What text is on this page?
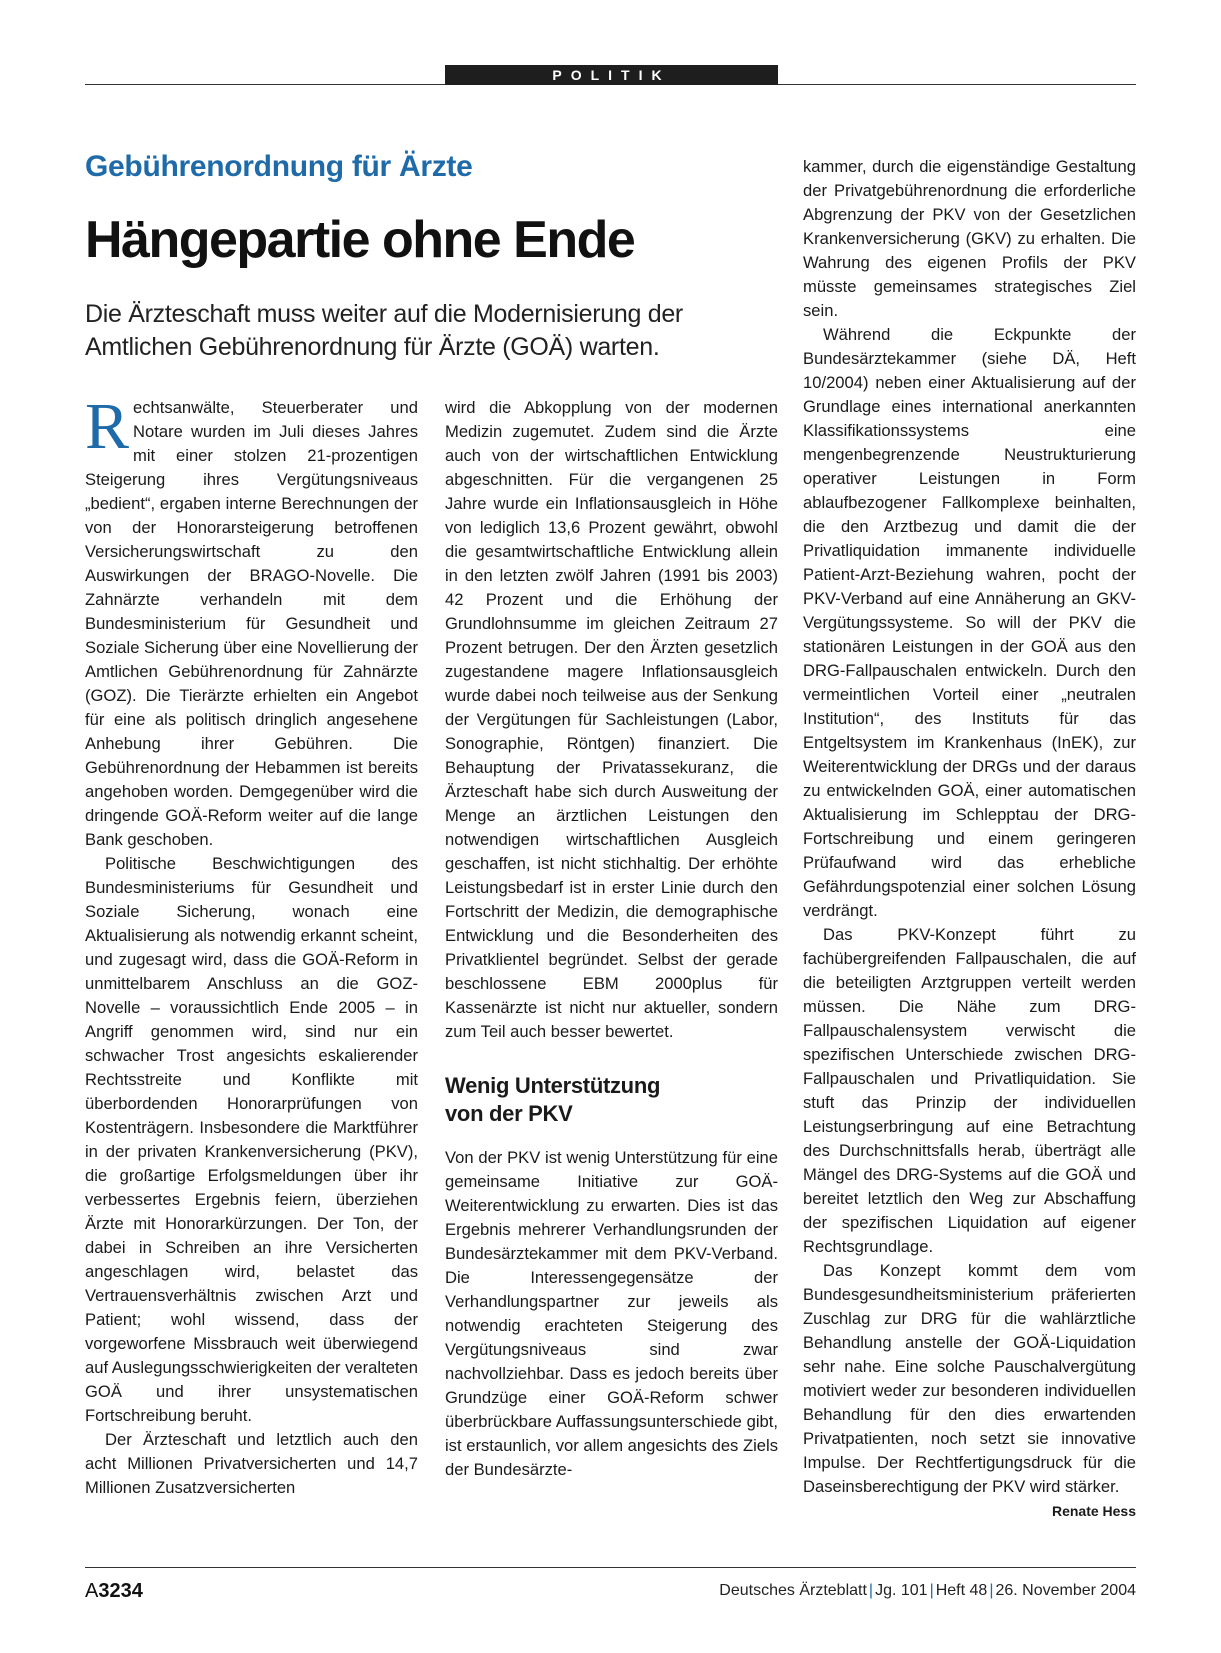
POLITIK
Gebührenordnung für Ärzte
Hängepartie ohne Ende

Die Ärzteschaft muss weiter auf die Modernisierung der Amtlichen Gebührenordnung für Ärzte (GOÄ) warten.

Rechtsanwälte, Steuerberater und Notare wurden im Juli dieses Jahres mit einer stolzen 21-prozentigen Steigerung ihres Vergütungsniveaus „bedient“, ergaben interne Berechnungen der von der Honorarsteigerung betroffenen Versicherungswirtschaft zu den Auswirkungen der BRAGO-Novelle. Die Zahnärzte verhandeln mit dem Bundesministerium für Gesundheit und Soziale Sicherung über eine Novellierung der Amtlichen Gebührenordnung für Zahnärzte (GOZ). Die Tierärzte erhielten ein Angebot für eine als politisch dringlich angesehene Anhebung ihrer Gebühren. Die Gebührenordnung der Hebammen ist bereits angehoben worden. Demgegenüber wird die dringende GOÄ-Reform weiter auf die lange Bank geschoben.

Politische Beschwichtigungen des Bundesministeriums für Gesundheit und Soziale Sicherung, wonach eine Aktualisierung als notwendig erkannt scheint, und zugesagt wird, dass die GOÄ-Reform in unmittelbarem Anschluss an die GOZ-Novelle – voraussichtlich Ende 2005 – in Angriff genommen wird, sind nur ein schwacher Trost angesichts eskalierender Rechtsstreite und Konflikte mit überbordenden Honorarprüfungen von Kostenträgern. Insbesondere die Marktführer in der privaten Krankenversicherung (PKV), die großartige Erfolgsmeldungen über ihr verbessertes Ergebnis feiern, überziehen Ärzte mit Honorarkürzungen. Der Ton, der dabei in Schreiben an ihre Versicherten angeschlagen wird, belastet das Vertrauensverhältnis zwischen Arzt und Patient; wohl wissend, dass der vorgeworfene Missbrauch weit überwiegend auf Auslegungsschwierigkeiten der veralteten GOÄ und ihrer unsystematischen Fortschreibung beruht.

Der Ärzteschaft und letztlich auch den acht Millionen Privatversicherten und 14,7 Millionen Zusatzversicherten

wird die Abkopplung von der modernen Medizin zugemutet. Zudem sind die Ärzte auch von der wirtschaftlichen Entwicklung abgeschnitten. Für die vergangenen 25 Jahre wurde ein Inflationsausgleich in Höhe von lediglich 13,6 Prozent gewährt, obwohl die gesamtwirtschaftliche Entwicklung allein in den letzten zwölf Jahren (1991 bis 2003) 42 Prozent und die Erhöhung der Grundlohnsumme im gleichen Zeitraum 27 Prozent betrugen. Der den Ärzten gesetzlich zugestandene magere Inflationsausgleich wurde dabei noch teilweise aus der Senkung der Vergütungen für Sachleistungen (Labor, Sonographie, Röntgen) finanziert. Die Behauptung der Privatassekuranz, die Ärzteschaft habe sich durch Ausweitung der Menge an ärztlichen Leistungen den notwendigen wirtschaftlichen Ausgleich geschaffen, ist nicht stichhaltig. Der erhöhte Leistungsbedarf ist in erster Linie durch den Fortschritt der Medizin, die demographische Entwicklung und die Besonderheiten des Privatklientel begründet. Selbst der gerade beschlossene EBM 2000plus für Kassenärzte ist nicht nur aktueller, sondern zum Teil auch besser bewertet.

Wenig Unterstützung
von der PKV

Von der PKV ist wenig Unterstützung für eine gemeinsame Initiative zur GOÄ-Weiterentwicklung zu erwarten. Dies ist das Ergebnis mehrerer Verhandlungsrunden der Bundesärztekammer mit dem PKV-Verband. Die Interessengegensätze der Verhandlungspartner zur jeweils als notwendig erachteten Steigerung des Vergütungsniveaus sind zwar nachvollziehbar. Dass es jedoch bereits über Grundzüge einer GOÄ-Reform schwer überbrückbare Auffassungsunterschiede gibt, ist erstaunlich, vor allem angesichts des Ziels der Bundesärzte-

kammer, durch die eigenständige Gestaltung der Privatgebührenordnung die erforderliche Abgrenzung der PKV von der Gesetzlichen Krankenversicherung (GKV) zu erhalten. Die Wahrung des eigenen Profils der PKV müsste gemeinsames strategisches Ziel sein.

Während die Eckpunkte der Bundesärztekammer (siehe DÄ, Heft 10/2004) neben einer Aktualisierung auf der Grundlage eines international anerkannten Klassifikationssystems eine mengenbegrenzende Neustrukturierung operativer Leistungen in Form ablaufbezogener Fallkomplexe beinhalten, die den Arztbezug und damit die der Privatliquidation immanente individuelle Patient-Arzt-Beziehung wahren, pocht der PKV-Verband auf eine Annäherung an GKV-Vergütungssysteme. So will der PKV die stationären Leistungen in der GOÄ aus den DRG-Fallpauschalen entwickeln. Durch den vermeintlichen Vorteil einer „neutralen Institution“, des Instituts für das Entgeltsystem im Krankenhaus (InEK), zur Weiterentwicklung der DRGs und der daraus zu entwickelnden GOÄ, einer automatischen Aktualisierung im Schlepptau der DRG-Fortschreibung und einem geringeren Prüfaufwand wird das erhebliche Gefährdungspotenzial einer solchen Lösung verdrängt.

Das PKV-Konzept führt zu fachübergreifenden Fallpauschalen, die auf die beteiligten Arztgruppen verteilt werden müssen. Die Nähe zum DRG-Fallpauschalensystem verwischt die spezifischen Unterschiede zwischen DRG-Fallpauschalen und Privatliquidation. Sie stuft das Prinzip der individuellen Leistungserbringung auf eine Betrachtung des Durchschnittsfalls herab, überträgt alle Mängel des DRG-Systems auf die GOÄ und bereitet letztlich den Weg zur Abschaffung der spezifischen Liquidation auf eigener Rechtsgrundlage.

Das Konzept kommt dem vom Bundesgesundheitsministerium präferierten Zuschlag zur DRG für die wahlärztliche Behandlung anstelle der GOÄ-Liquidation sehr nahe. Eine solche Pauschalvergütung motiviert weder zur besonderen individuellen Behandlung für den dies erwartenden Privatpatienten, noch setzt sie innovative Impulse. Der Rechtfertigungsdruck für die Daseinsberechtigung der PKV wird stärker.
Renate Hess

A3234	Deutsches Ärzteblatt | Jg. 101 | Heft 48 | 26. November 2004
